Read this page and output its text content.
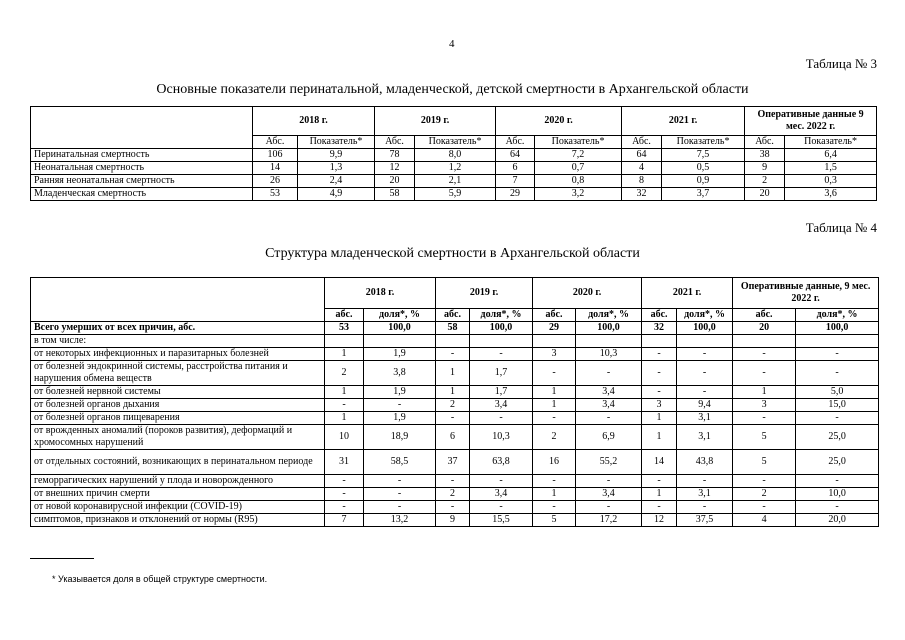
4
Таблица № 3
Основные показатели перинатальной, младенческой, детской смертности в Архангельской области
	2018 г.		2019 г.		2020 г.		2021 г.		Оперативные данные 9 мес. 2022 г.	
	Абс.	Показатель*	Абс.	Показатель*	Абс.	Показатель*	Абс.	Показатель*	Абс.	Показатель*
Перинатальная смертность	106	9,9	78	8,0	64	7,2	64	7,5	38	6,4
Неонатальная смертность	14	1,3	12	1,2	6	0,7	4	0,5	9	1,5
Ранняя неонатальная смертность	26	2,4	20	2,1	7	0,8	8	0,9	2	0,3
Младенческая смертность	53	4,9	58	5,9	29	3,2	32	3,7	20	3,6
Таблица № 4
Структура младенческой смертности в Архангельской области
	2018 г.		2019 г.		2020 г.		2021 г.		Оперативные данные, 9 мес. 2022 г.	
	абс.	доля*, %	абс.	доля*, %	абс.	доля*, %	абс.	доля*, %	абс.	доля*, %
Всего умерших от всех причин, абс.	53	100,0	58	100,0	29	100,0	32	100,0	20	100,0
в том числе:										
от некоторых инфекционных и паразитарных болезней	1	1,9	-	-	3	10,3	-	-	-	-
от болезней эндокринной системы, расстройства питания и нарушения обмена веществ	2	3,8	1	1,7	-	-	-	-	-	-
от болезней нервной системы	1	1,9	1	1,7	1	3,4	-	-	1	5,0
от болезней органов дыхания	-	-	2	3,4	1	3,4	3	9,4	3	15,0
от болезней органов пищеварения	1	1,9	-	-	-	-	1	3,1	-	-
от врожденных аномалий (пороков развития), деформаций и хромосомных нарушений	10	18,9	6	10,3	2	6,9	1	3,1	5	25,0
от отдельных состояний, возникающих в перинатальном периоде	31	58,5	37	63,8	16	55,2	14	43,8	5	25,0
геморрагических нарушений у плода и новорожденного	-	-	-	-	-	-	-	-	-	-
от внешних причин смерти	-	-	2	3,4	1	3,4	1	3,1	2	10,0
от новой коронавирусной инфекции (COVID-19)	-	-	-	-	-	-	-	-	-	-
симптомов, признаков и отклонений от нормы (R95)	7	13,2	9	15,5	5	17,2	12	37,5	4	20,0
* Указывается доля в общей структуре смертности.
